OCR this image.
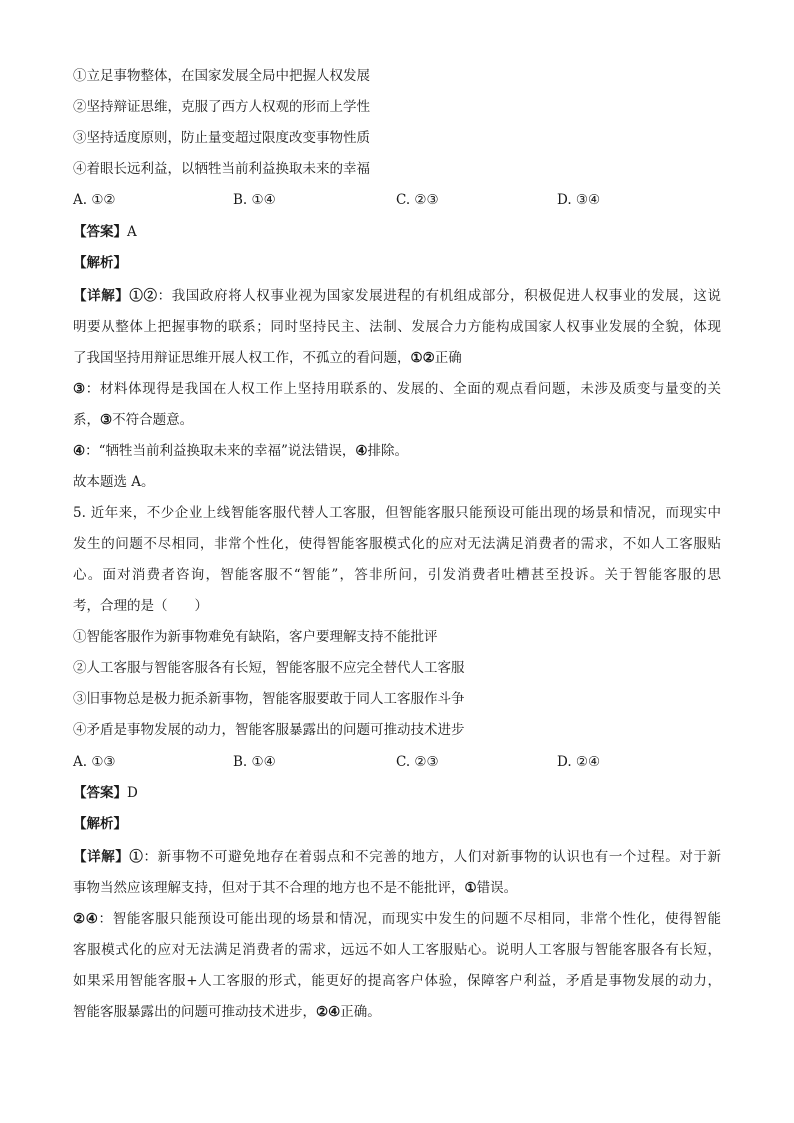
①立足事物整体，在国家发展全局中把握人权发展
②坚持辩证思维，克服了西方人权观的形而上学性
③坚持适度原则，防止量变超过限度改变事物性质
④着眼长远利益，以牺牲当前利益换取未来的幸福
A. ①②	B. ①④	C. ②③	D. ③④
【答案】A
【解析】
【详解】①②：我国政府将人权事业视为国家发展进程的有机组成部分，积极促进人权事业的发展，这说
明要从整体上把握事物的联系；同时坚持民主、法制、发展合力方能构成国家人权事业发展的全貌，体现
了我国坚持用辩证思维开展人权工作，不孤立的看问题，①②正确
③：材料体现得是我国在人权工作上坚持用联系的、发展的、全面的观点看问题，未涉及质变与量变的关
系，③不符合题意。
④：“牺牲当前利益换取未来的幸福”说法错误，④排除。
故本题选 A。
5. 近年来，不少企业上线智能客服代替人工客服，但智能客服只能预设可能出现的场景和情况，而现实中
发生的问题不尽相同，非常个性化，使得智能客服模式化的应对无法满足消费者的需求，不如人工客服贴
心。面对消费者咨询，智能客服不“智能”，答非所问，引发消费者吐槽甚至投诉。关于智能客服的思
考，合理的是（　　）
①智能客服作为新事物难免有缺陷，客户要理解支持不能批评
②人工客服与智能客服各有长短，智能客服不应完全替代人工客服
③旧事物总是极力扼杀新事物，智能客服要敢于同人工客服作斗争
④矛盾是事物发展的动力，智能客服暴露出的问题可推动技术进步
A. ①③	B. ①④	C. ②③	D. ②④
【答案】D
【解析】
【详解】①：新事物不可避免地存在着弱点和不完善的地方，人们对新事物的认识也有一个过程。对于新
事物当然应该理解支持，但对于其不合理的地方也不是不能批评，①错误。
②④：智能客服只能预设可能出现的场景和情况，而现实中发生的问题不尽相同，非常个性化，使得智能
客服模式化的应对无法满足消费者的需求，远远不如人工客服贴心。说明人工客服与智能客服各有长短，
如果采用智能客服+人工客服的形式，能更好的提高客户体验，保障客户利益，矛盾是事物发展的动力，
智能客服暴露出的问题可推动技术进步，②④正确。
